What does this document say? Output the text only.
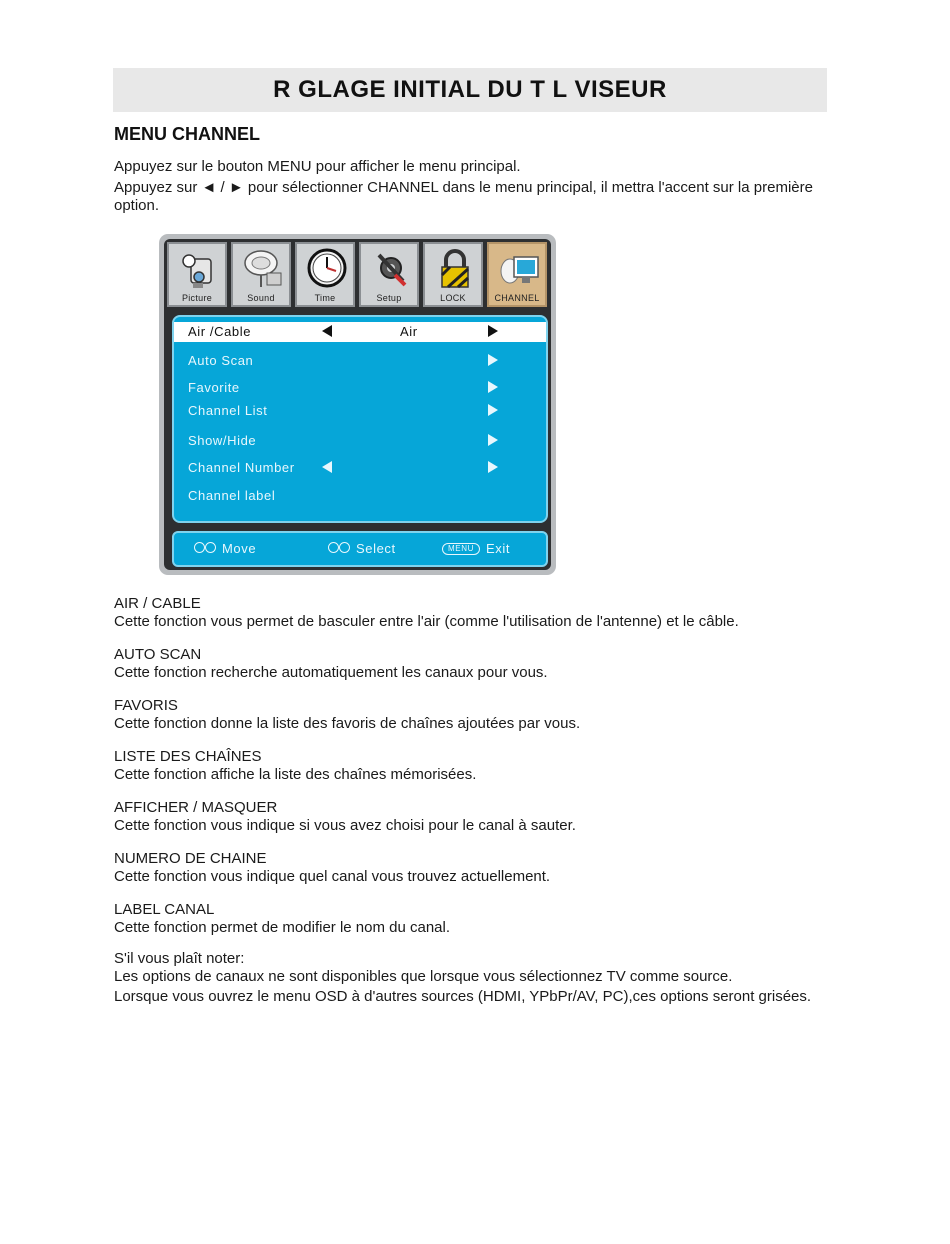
R GLAGE INITIAL DU T L VISEUR
MENU CHANNEL

Appuyez sur le bouton MENU pour afficher le menu principal.

Appuyez sur ◄ / ► pour sélectionner CHANNEL dans le menu principal, il mettra l'accent sur la première option.

Picture	Sound	Time	Setup	LOCK	CHANNEL
Air /Cable	Air
Auto Scan
Favorite
Channel List
Show/Hide
Channel Number
Channel label
Move	Select	MENU Exit

AIR / CABLE

Cette fonction vous permet de basculer entre l'air (comme l'utilisation de l'antenne) et le câble.

AUTO SCAN

Cette fonction recherche automatiquement les canaux pour vous.

FAVORIS

Cette fonction donne la liste des favoris de chaînes ajoutées par vous.

LISTE DES CHAÎNES

Cette fonction affiche la liste des chaînes mémorisées.

AFFICHER / MASQUER

Cette fonction vous indique si vous avez choisi pour le canal à sauter.

NUMERO DE CHAINE

Cette fonction vous indique quel canal vous trouvez actuellement.

LABEL CANAL

Cette fonction permet de modifier le nom du canal.

S'il vous plaît noter:

Les options de canaux ne sont disponibles que lorsque vous sélectionnez TV comme source.

Lorsque vous ouvrez le menu OSD à d'autres sources (HDMI, YPbPr/AV, PC),ces options seront grisées.
